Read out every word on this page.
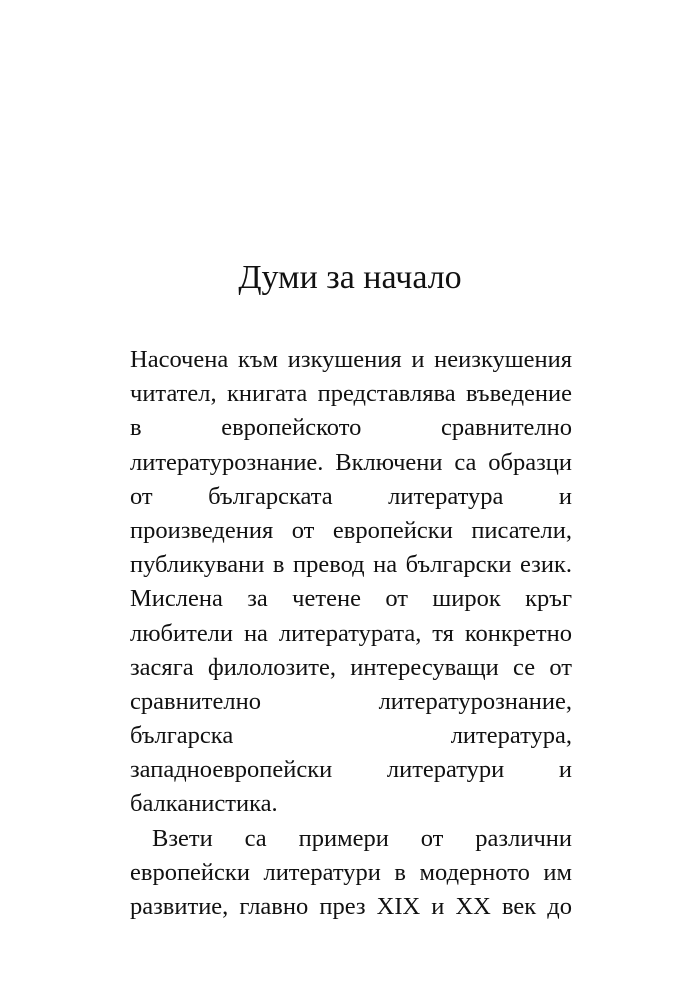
Думи за начало

Насочена към изкушения и неизкушения
читател, книгата представлява въведение
в европейското сравнително
литературознание. Включени са образци
от българската литература и
произведения от европейски писатели,
публикувани в превод на български език.
Мислена за четене от широк кръг
любители на литературата, тя конкретно
засяга филолозите, интересуващи се от
сравнително литературознание,
българска литература,
западноевропейски литератури и
балканистика.

Взети са примери от различни
европейски литератури в модерното им
развитие, главно през XIX и XX век до
